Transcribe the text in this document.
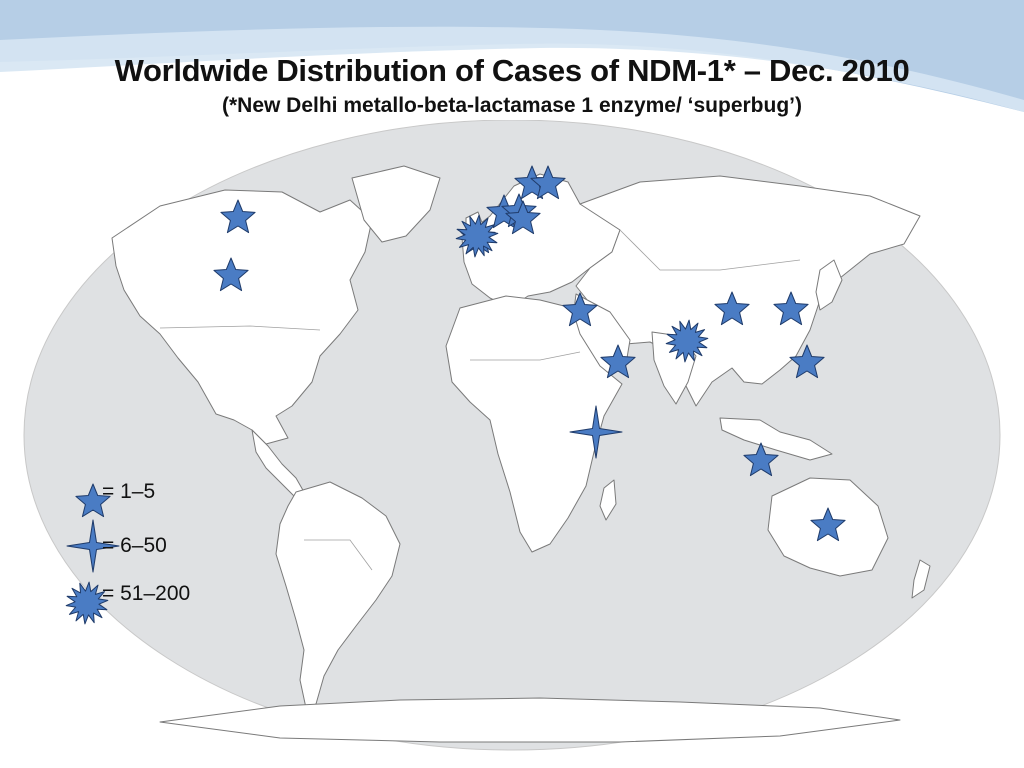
Worldwide Distribution of Cases of NDM-1* – Dec. 2010
(*New Delhi metallo-beta-lactamase 1 enzyme/ ‘superbug’)
= 1–5
= 6–50
= 51–200
